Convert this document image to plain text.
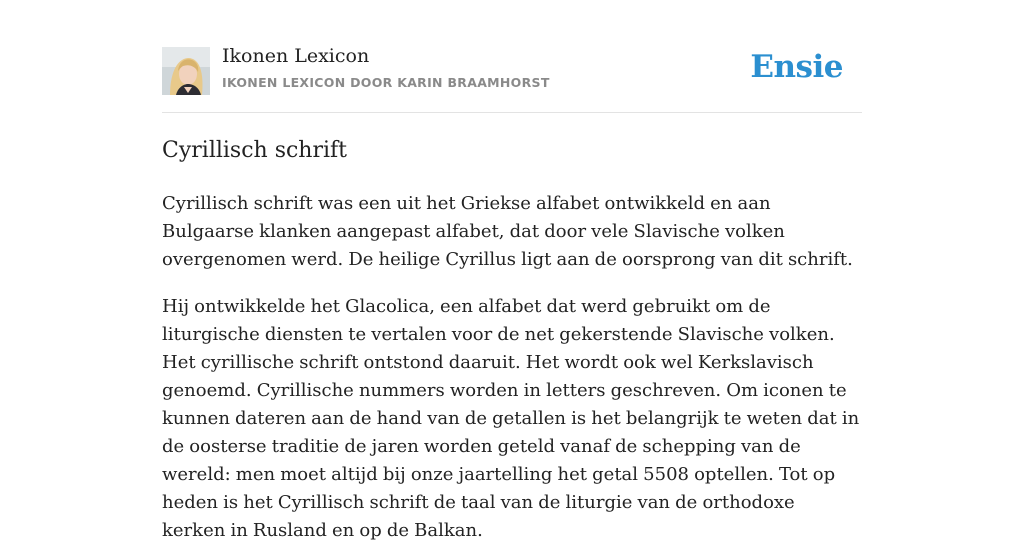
Ikonen Lexicon
IKONEN LEXICON DOOR KARIN BRAAMHORST	Ensie
Cyrillisch schrift

Cyrillisch schrift was een uit het Griekse alfabet ontwikkeld en aan Bulgaarse klanken aangepast alfabet, dat door vele Slavische volken overgenomen werd. De heilige Cyrillus ligt aan de oorsprong van dit schrift.

Hij ontwikkelde het Glacolica, een alfabet dat werd gebruikt om de liturgische diensten te vertalen voor de net gekerstende Slavische volken. Het cyrillische schrift ontstond daaruit. Het wordt ook wel Kerkslavisch genoemd. Cyrillische nummers worden in letters geschreven. Om iconen te kunnen dateren aan de hand van de getallen is het belangrijk te weten dat in de oosterse traditie de jaren worden geteld vanaf de schepping van de wereld: men moet altijd bij onze jaartelling het getal 5508 optellen. Tot op heden is het Cyrillisch schrift de taal van de liturgie van de orthodoxe kerken in Rusland en op de Balkan.
